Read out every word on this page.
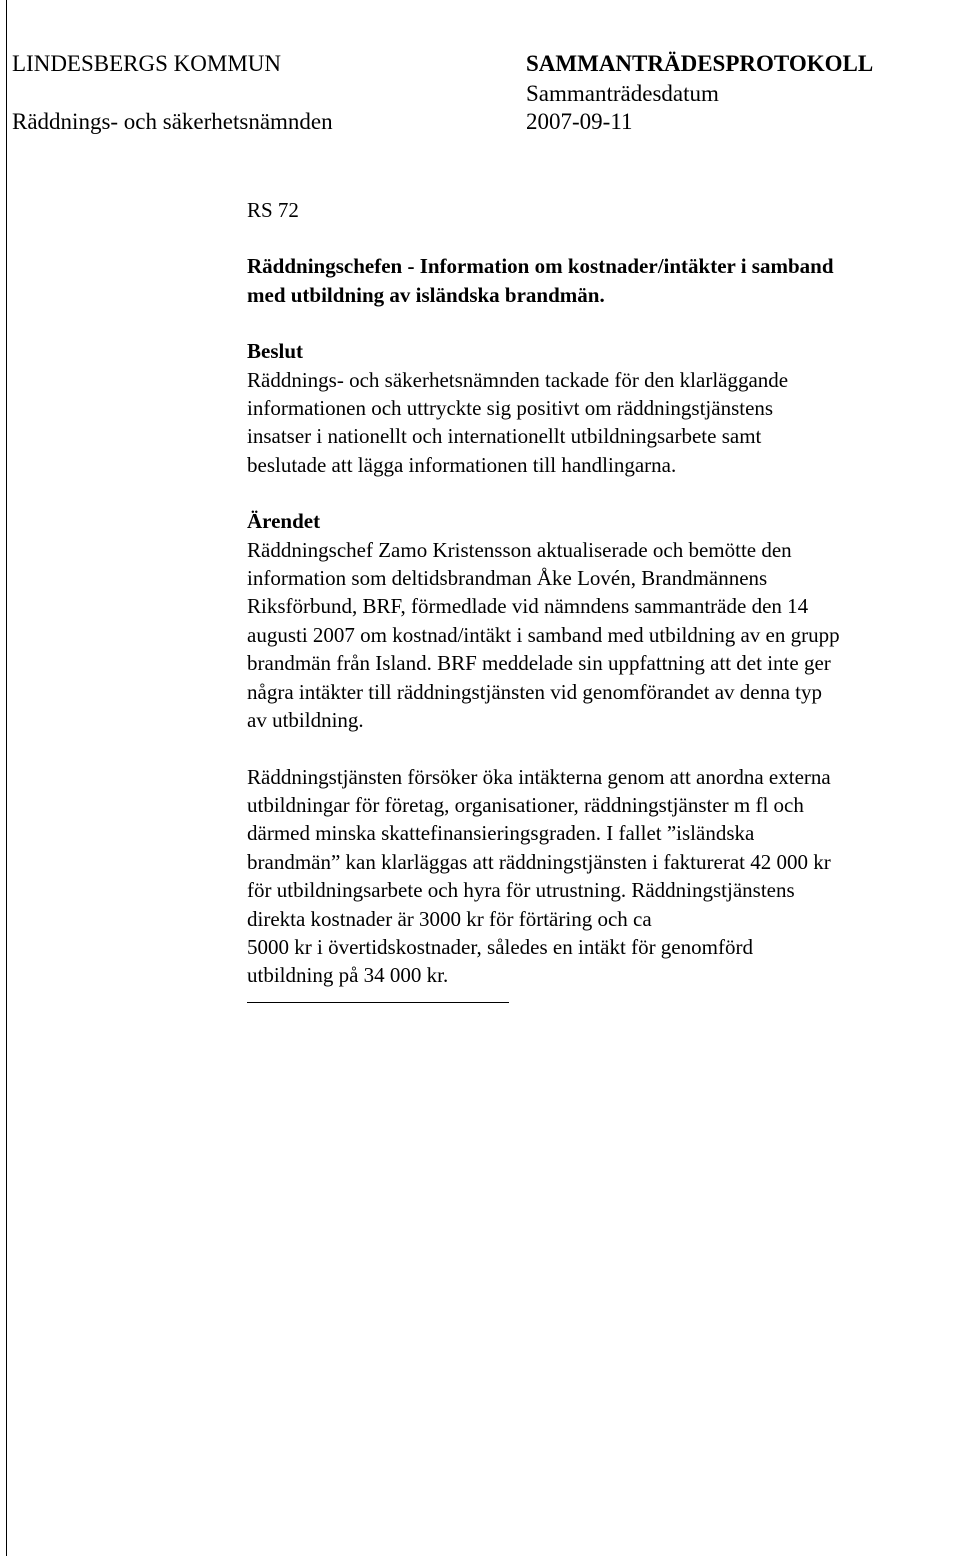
LINDESBERGS KOMMUN
Räddnings- och säkerhetsnämnden
SAMMANTRÄDESPROTOKOLL
Sammanträdesdatum
2007-09-11

RS 72

Räddningschefen - Information om kostnader/intäkter i samband
med utbildning av isländska brandmän.

Beslut

Räddnings- och säkerhetsnämnden tackade för den klarläggande
informationen och uttryckte sig positivt om räddningstjänstens
insatser i nationellt och internationellt utbildningsarbete samt
beslutade att lägga informationen till handlingarna.

Ärendet

Räddningschef Zamo Kristensson aktualiserade och bemötte den
information som deltidsbrandman Åke Lovén, Brandmännens
Riksförbund, BRF, förmedlade vid nämndens sammanträde den 14
augusti 2007 om kostnad/intäkt i samband med utbildning av en grupp
brandmän från Island. BRF meddelade sin uppfattning att det inte ger
några intäkter till räddningstjänsten vid genomförandet av denna typ
av utbildning.
Räddningstjänsten försöker öka intäkterna genom att anordna externa
utbildningar för företag, organisationer, räddningstjänster m fl och
därmed minska skattefinansieringsgraden. I fallet ”isländska
brandmän” kan klarläggas att räddningstjänsten i fakturerat 42 000 kr
för utbildningsarbete och hyra för utrustning. Räddningstjänstens
direkta kostnader är 3000 kr för förtäring och ca
5000 kr i övertidskostnader, således en intäkt för genomförd
utbildning på 34 000 kr.
